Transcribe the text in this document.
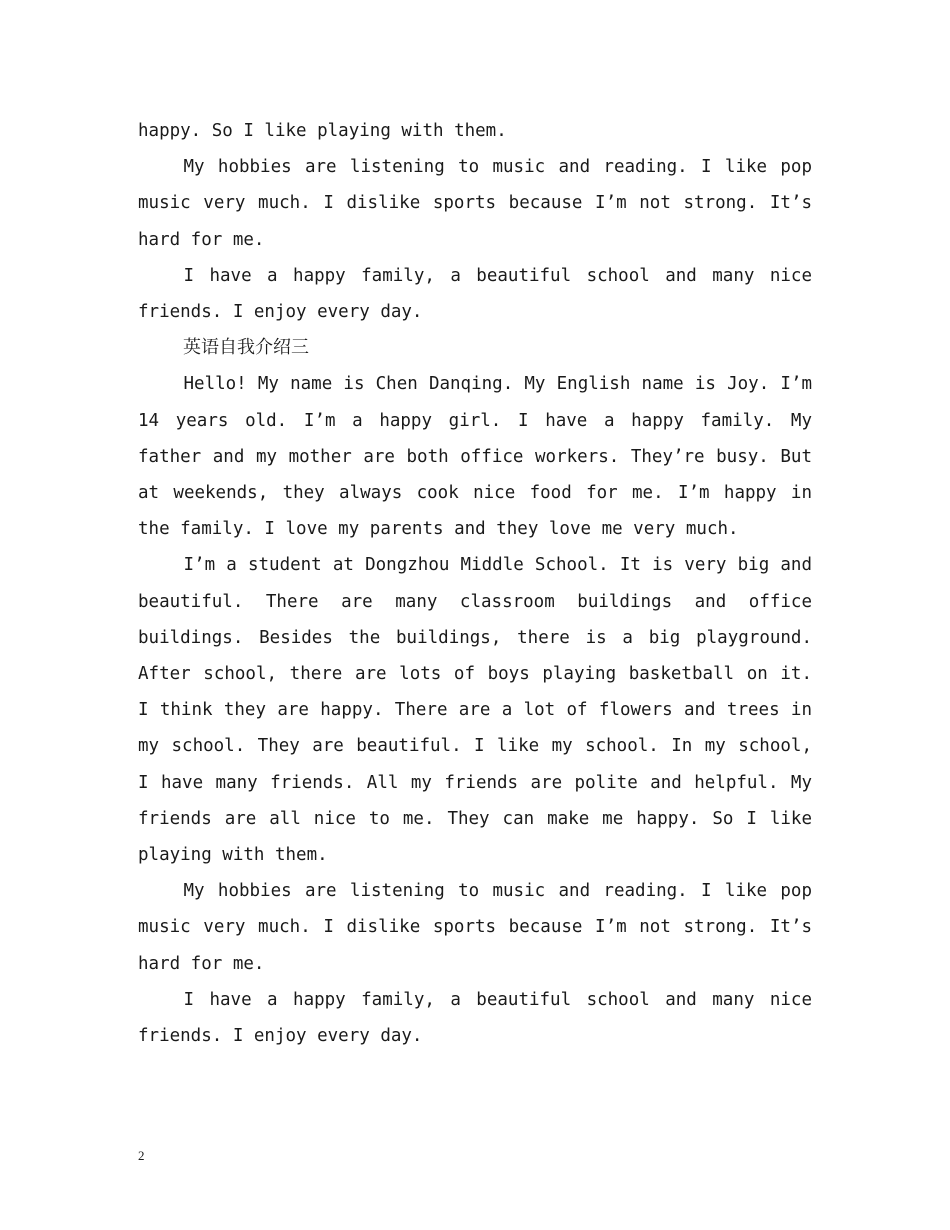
happy. So I like playing with them.

My hobbies are listening to music and reading. I like pop music very much. I dislike sports because I’m not strong. It’s hard for me.

I have a happy family, a beautiful school and many nice friends. I enjoy every day.

英语自我介绍三

Hello! My name is Chen Danqing. My English name is Joy. I’m 14 years old. I’m a happy girl. I have a happy family. My father and my mother are both office workers. They’re busy. But at weekends, they always cook nice food for me. I’m happy in the family. I love my parents and they love me very much.

I’m a student at Dongzhou Middle School. It is very big and beautiful. There are many classroom buildings and office buildings. Besides the buildings, there is a big playground. After school, there are lots of boys playing basketball on it. I think they are happy. There are a lot of flowers and trees in my school. They are beautiful. I like my school. In my school, I have many friends. All my friends are polite and helpful. My friends are all nice to me. They can make me happy. So I like playing with them.

My hobbies are listening to music and reading. I like pop music very much. I dislike sports because I’m not strong. It’s hard for me.

I have a happy family, a beautiful school and many nice friends. I enjoy every day.

2
